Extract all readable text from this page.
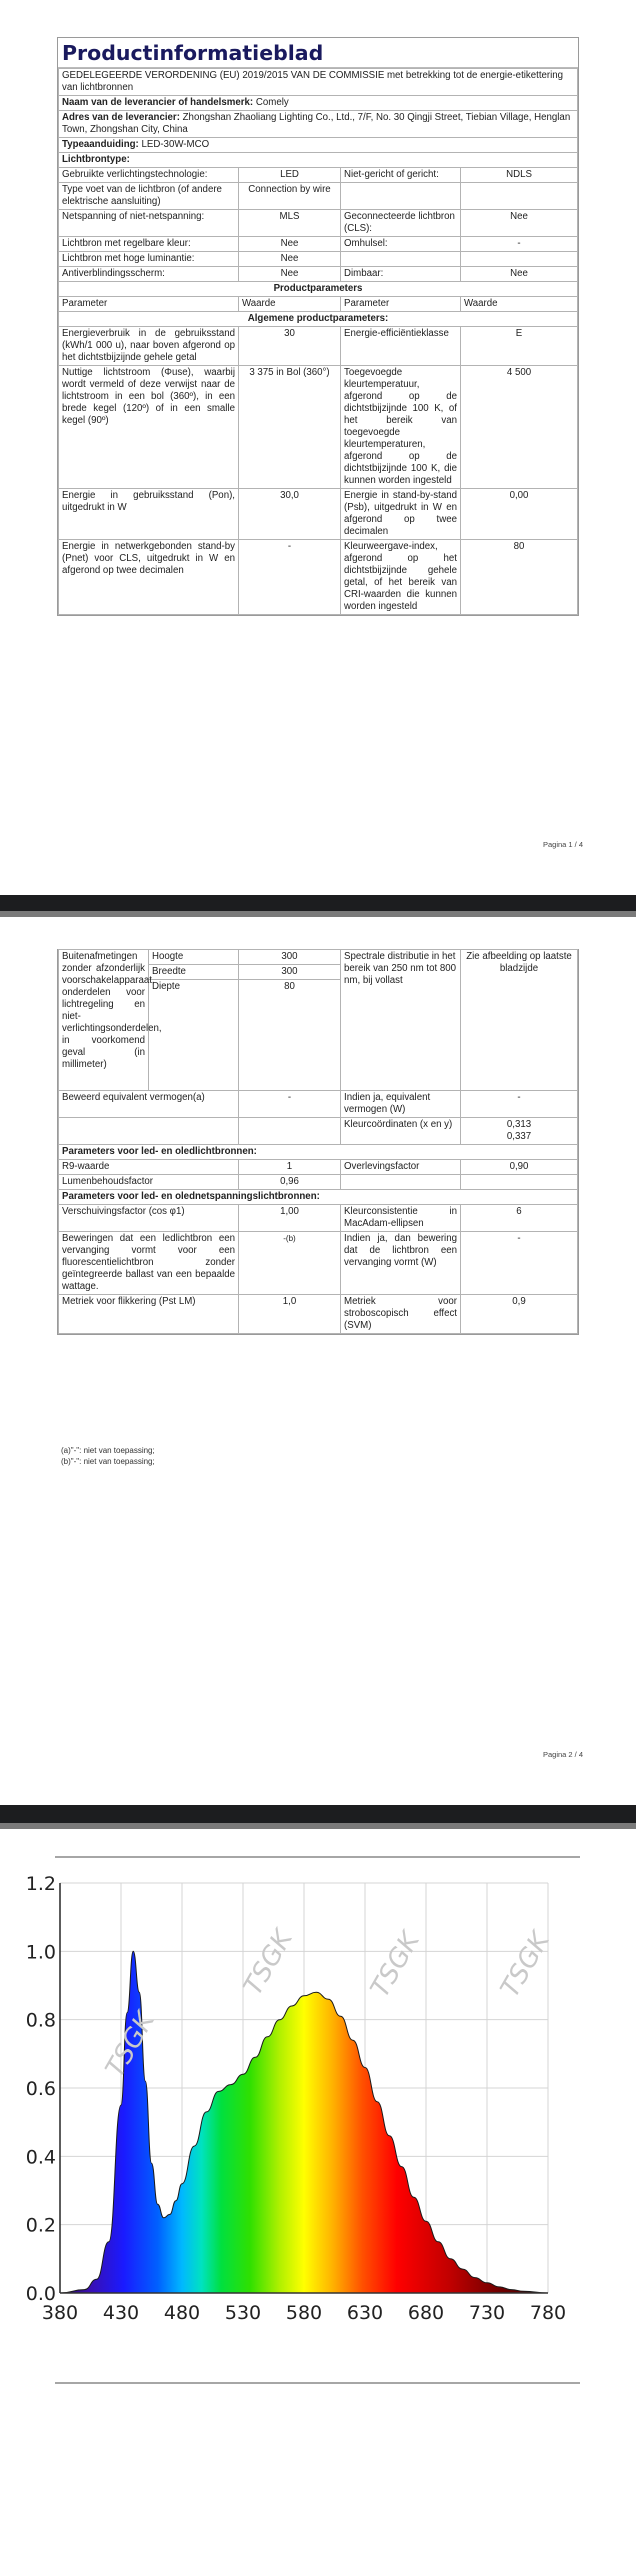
Productinformatieblad
GEDELEGEERDE VERORDENING (EU) 2019/2015 VAN DE COMMISSIE met betrekking tot de energie-etikettering van lichtbronnen			
Naam van de leverancier of handelsmerk: Comely			
Adres van de leverancier: Zhongshan Zhaoliang Lighting Co., Ltd., 7/F, No. 30 Qingji Street, Tiebian Village, Henglan Town, Zhongshan City, China			
Typeaanduiding: LED-30W-MCO			
Lichtbrontype:			
Gebruikte verlichtingstechnologie:	LED	Niet-gericht of gericht:	NDLS
Type voet van de lichtbron (of andere elektrische aansluiting)	Connection by wire		
Netspanning of niet-netspanning:	MLS	Geconnecteerde lichtbron (CLS):	Nee
Lichtbron met regelbare kleur:	Nee	Omhulsel:	-
Lichtbron met hoge luminantie:	Nee		
Antiverblindingsscherm:	Nee	Dimbaar:	Nee
Productparameters			
Parameter	Waarde	Parameter	Waarde
Algemene productparameters:			
Energieverbruik in de gebruiksstand (kWh/1 000 u), naar boven afgerond op het dichtstbijzijnde gehele getal	30	Energie-efficiëntieklasse	E
Nuttige lichtstroom (Φuse), waarbij wordt vermeld of deze verwijst naar de lichtstroom in een bol (360º), in een brede kegel (120º) of in een smalle kegel (90º)	3 375 in Bol (360°)	Toegevoegde kleurtemperatuur, afgerond op de dichtstbijzijnde 100 K, of het bereik van toegevoegde kleurtemperaturen, afgerond op de dichtstbijzijnde 100 K, die kunnen worden ingesteld	4 500
Energie in gebruiksstand (Pon), uitgedrukt in W	30,0	Energie in stand-by-stand (Psb), uitgedrukt in W en afgerond op twee decimalen	0,00
Energie in netwerkgebonden stand-by (Pnet) voor CLS, uitgedrukt in W en afgerond op twee decimalen	-	Kleurweergave-index, afgerond op het dichtstbijzijnde gehele getal, of het bereik van CRI-waarden die kunnen worden ingesteld	80
Pagina 1 / 4
Buitenafmetingen zonder afzonderlijk voorschakelapparaat, onderdelen voor lichtregeling en niet-verlichtingsonderdelen, in voorkomend geval (in millimeter)	Hoogte	300	Spectrale distributie in het bereik van 250 nm tot 800 nm, bij vollast	Zie afbeelding op laatste bladzijde
	Breedte	300		
	Diepte	80		

Beweerd equivalent vermogen(a)		-	Indien ja, equivalent vermogen (W)	-
			Kleurcoördinaten (x en y)	0,313
0,337
Parameters voor led- en oledlichtbronnen:				
R9-waarde		1	Overlevingsfactor	0,90
Lumenbehoudsfactor		0,96		
Parameters voor led- en olednetspanningslichtbronnen:				
Verschuivingsfactor (cos φ1)		1,00	Kleurconsistentie in MacAdam-ellipsen	6
Beweringen dat een ledlichtbron een vervanging vormt voor een fluorescentielichtbron zonder geïntegreerde ballast van een bepaalde wattage.		-(b)	Indien ja, dan bewering dat de lichtbron een vervanging vormt (W)	-
Metriek voor flikkering (Pst LM)		1,0	Metriek voor stroboscopisch effect (SVM)	0,9
(a)"-": niet van toepassing;
(b)"-": niet van toepassing;
Pagina 2 / 4
TSGK
TSGK	TSGK	TSGK
380 430 480 530 580 630 680 730 780
0.0
0.2
0.4
0.6
0.8
1.0
1.2
